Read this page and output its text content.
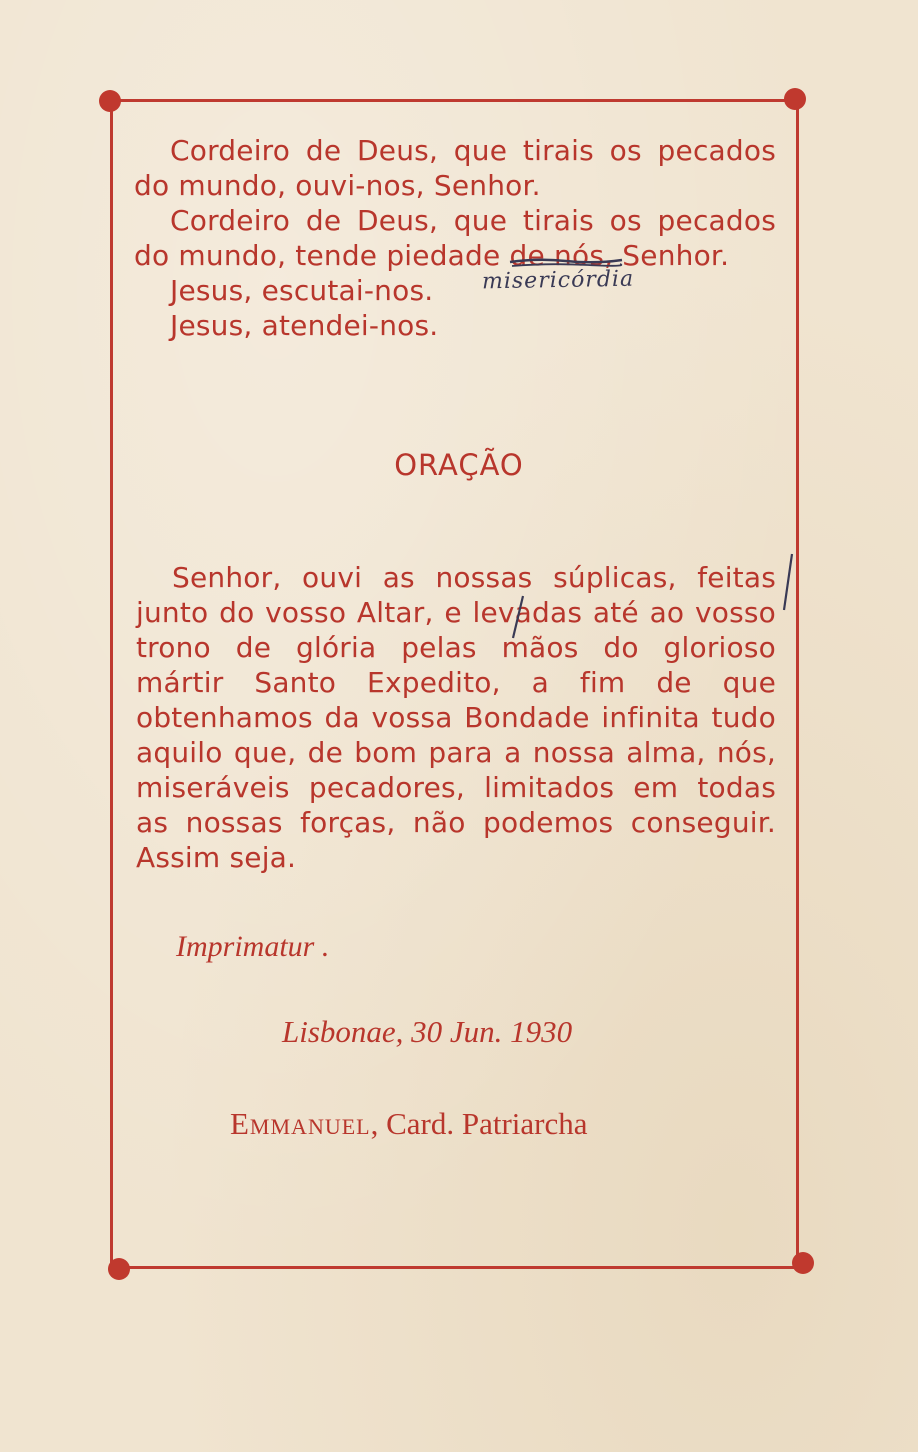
Cordeiro de Deus, que tirais os pecados do mundo, ouvi-nos, Senhor.

Cordeiro de Deus, que tirais os pecados do mundo, tende piedade de nós, Senhor.

Jesus, escutai-nos.

Jesus, atendei-nos.

misericórdia
ORAÇÃO

Senhor, ouvi as nossas súplicas, feitas junto do vosso Altar, e levadas até ao vosso trono de glória pelas mãos do glorioso mártir Santo Expedito, a fim de que obtenhamos da vossa Bondade infinita tudo aquilo que, de bom para a nossa alma, nós, miseráveis pecadores, limitados em todas as nossas forças, não podemos conseguir. Assim seja.

Imprimatur .
Lisbonae, 30 Jun. 1930
Emmanuel, Card. Patriarcha
